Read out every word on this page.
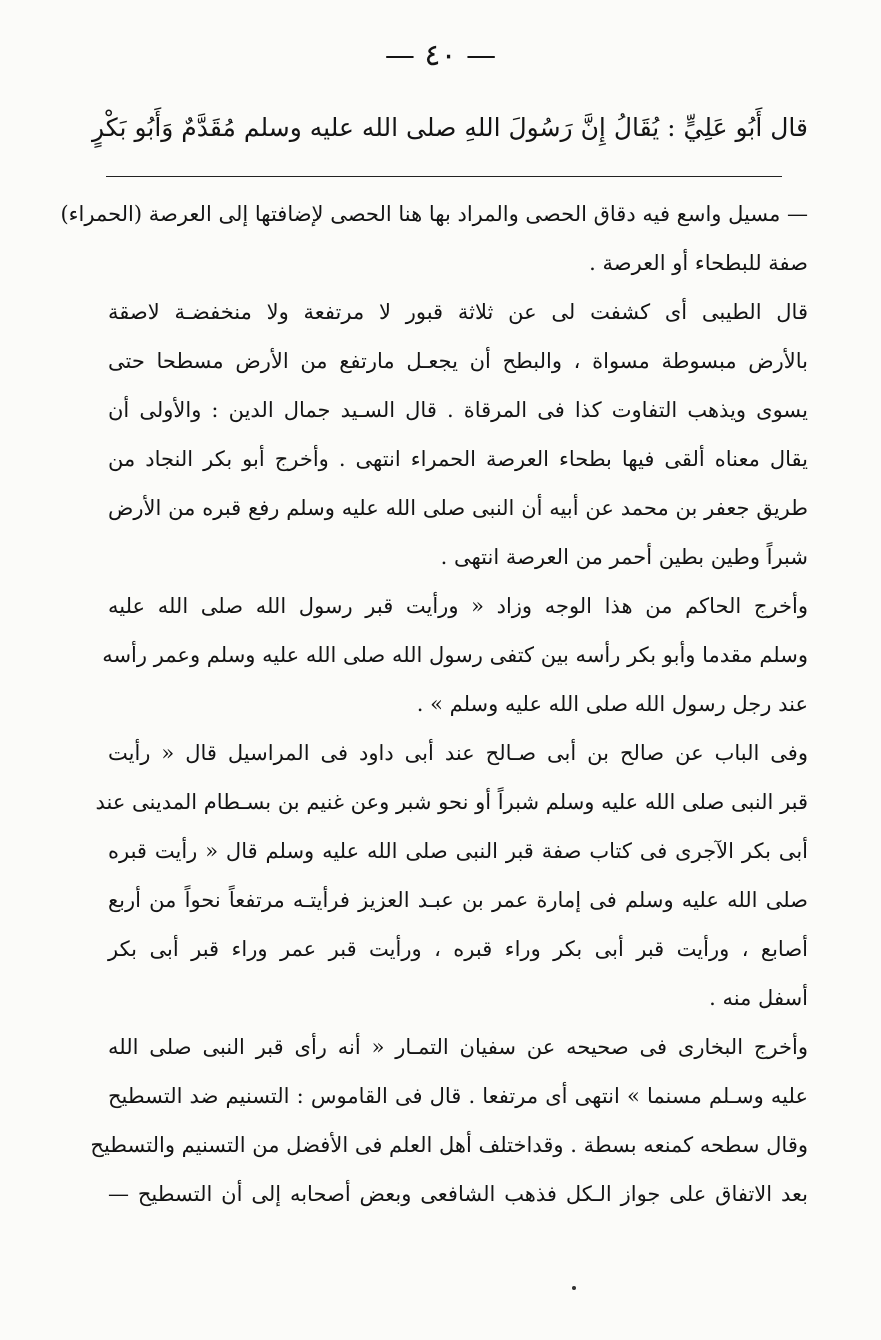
— ٤٠ —
قال أَبُو عَلِيٍّ : يُقَالُ إِنَّ رَسُولَ اللهِ صلى الله عليه وسلم مُقَدَّمٌ وَأَبُو بَكْرٍ
— مسيل واسع فيه دقاق الحصى والمراد بها هنا الحصى لإضافتها إلى العرصة (الحمراء)
صفة للبطحاء أو العرصة .
قال الطيبى أى كشفت لى عن ثلاثة قبور لا مرتفعة ولا منخفضـة لاصقة
بالأرض مبسوطة مسواة ، والبطح أن يجعـل مارتفع من الأرض مسطحا حتى
يسوى ويذهب التفاوت كذا فى المرقاة . قال السـيد جمال الدين : والأولى أن
يقال معناه ألقى فيها بطحاء العرصة الحمراء انتهى . وأخرج أبو بكر النجاد من
طريق جعفر بن محمد عن أبيه أن النبى صلى الله عليه وسلم رفع قبره من الأرض
شبراً وطين بطين أحمر من العرصة انتهى .
وأخرج الحاكم من هذا الوجه وزاد « ورأيت قبر رسول الله صلى الله عليه
وسلم مقدما وأبو بكر رأسه بين كتفى رسول الله صلى الله عليه وسلم وعمر رأسه
عند رجل رسول الله صلى الله عليه وسلم » .
وفى الباب عن صالح بن أبى صـالح عند أبى داود فى المراسيل قال « رأيت
قبر النبى صلى الله عليه وسلم شبراً أو نحو شبر وعن غنيم بن بسـطام المدينى عند
أبى بكر الآجرى فى كتاب صفة قبر النبى صلى الله عليه وسلم قال « رأيت قبره
صلى الله عليه وسلم فى إمارة عمر بن عبـد العزيز فرأيتـه مرتفعاً نحواً من أربع
أصابع ، ورأيت قبر أبى بكر وراء قبره ، ورأيت قبر عمر وراء قبر أبى بكر
أسفل منه .
وأخرج البخارى فى صحيحه عن سفيان التمـار « أنه رأى قبر النبى صلى الله
عليه وسـلم مسنما » انتهى أى مرتفعا . قال فى القاموس : التسنيم ضد التسطيح
وقال سطحه كمنعه بسطة . وقداختلف أهل العلم فى الأفضل من التسنيم والتسطيح
بعد الاتفاق على جواز الـكل فذهب الشافعى وبعض أصحابه إلى أن التسطيح —
